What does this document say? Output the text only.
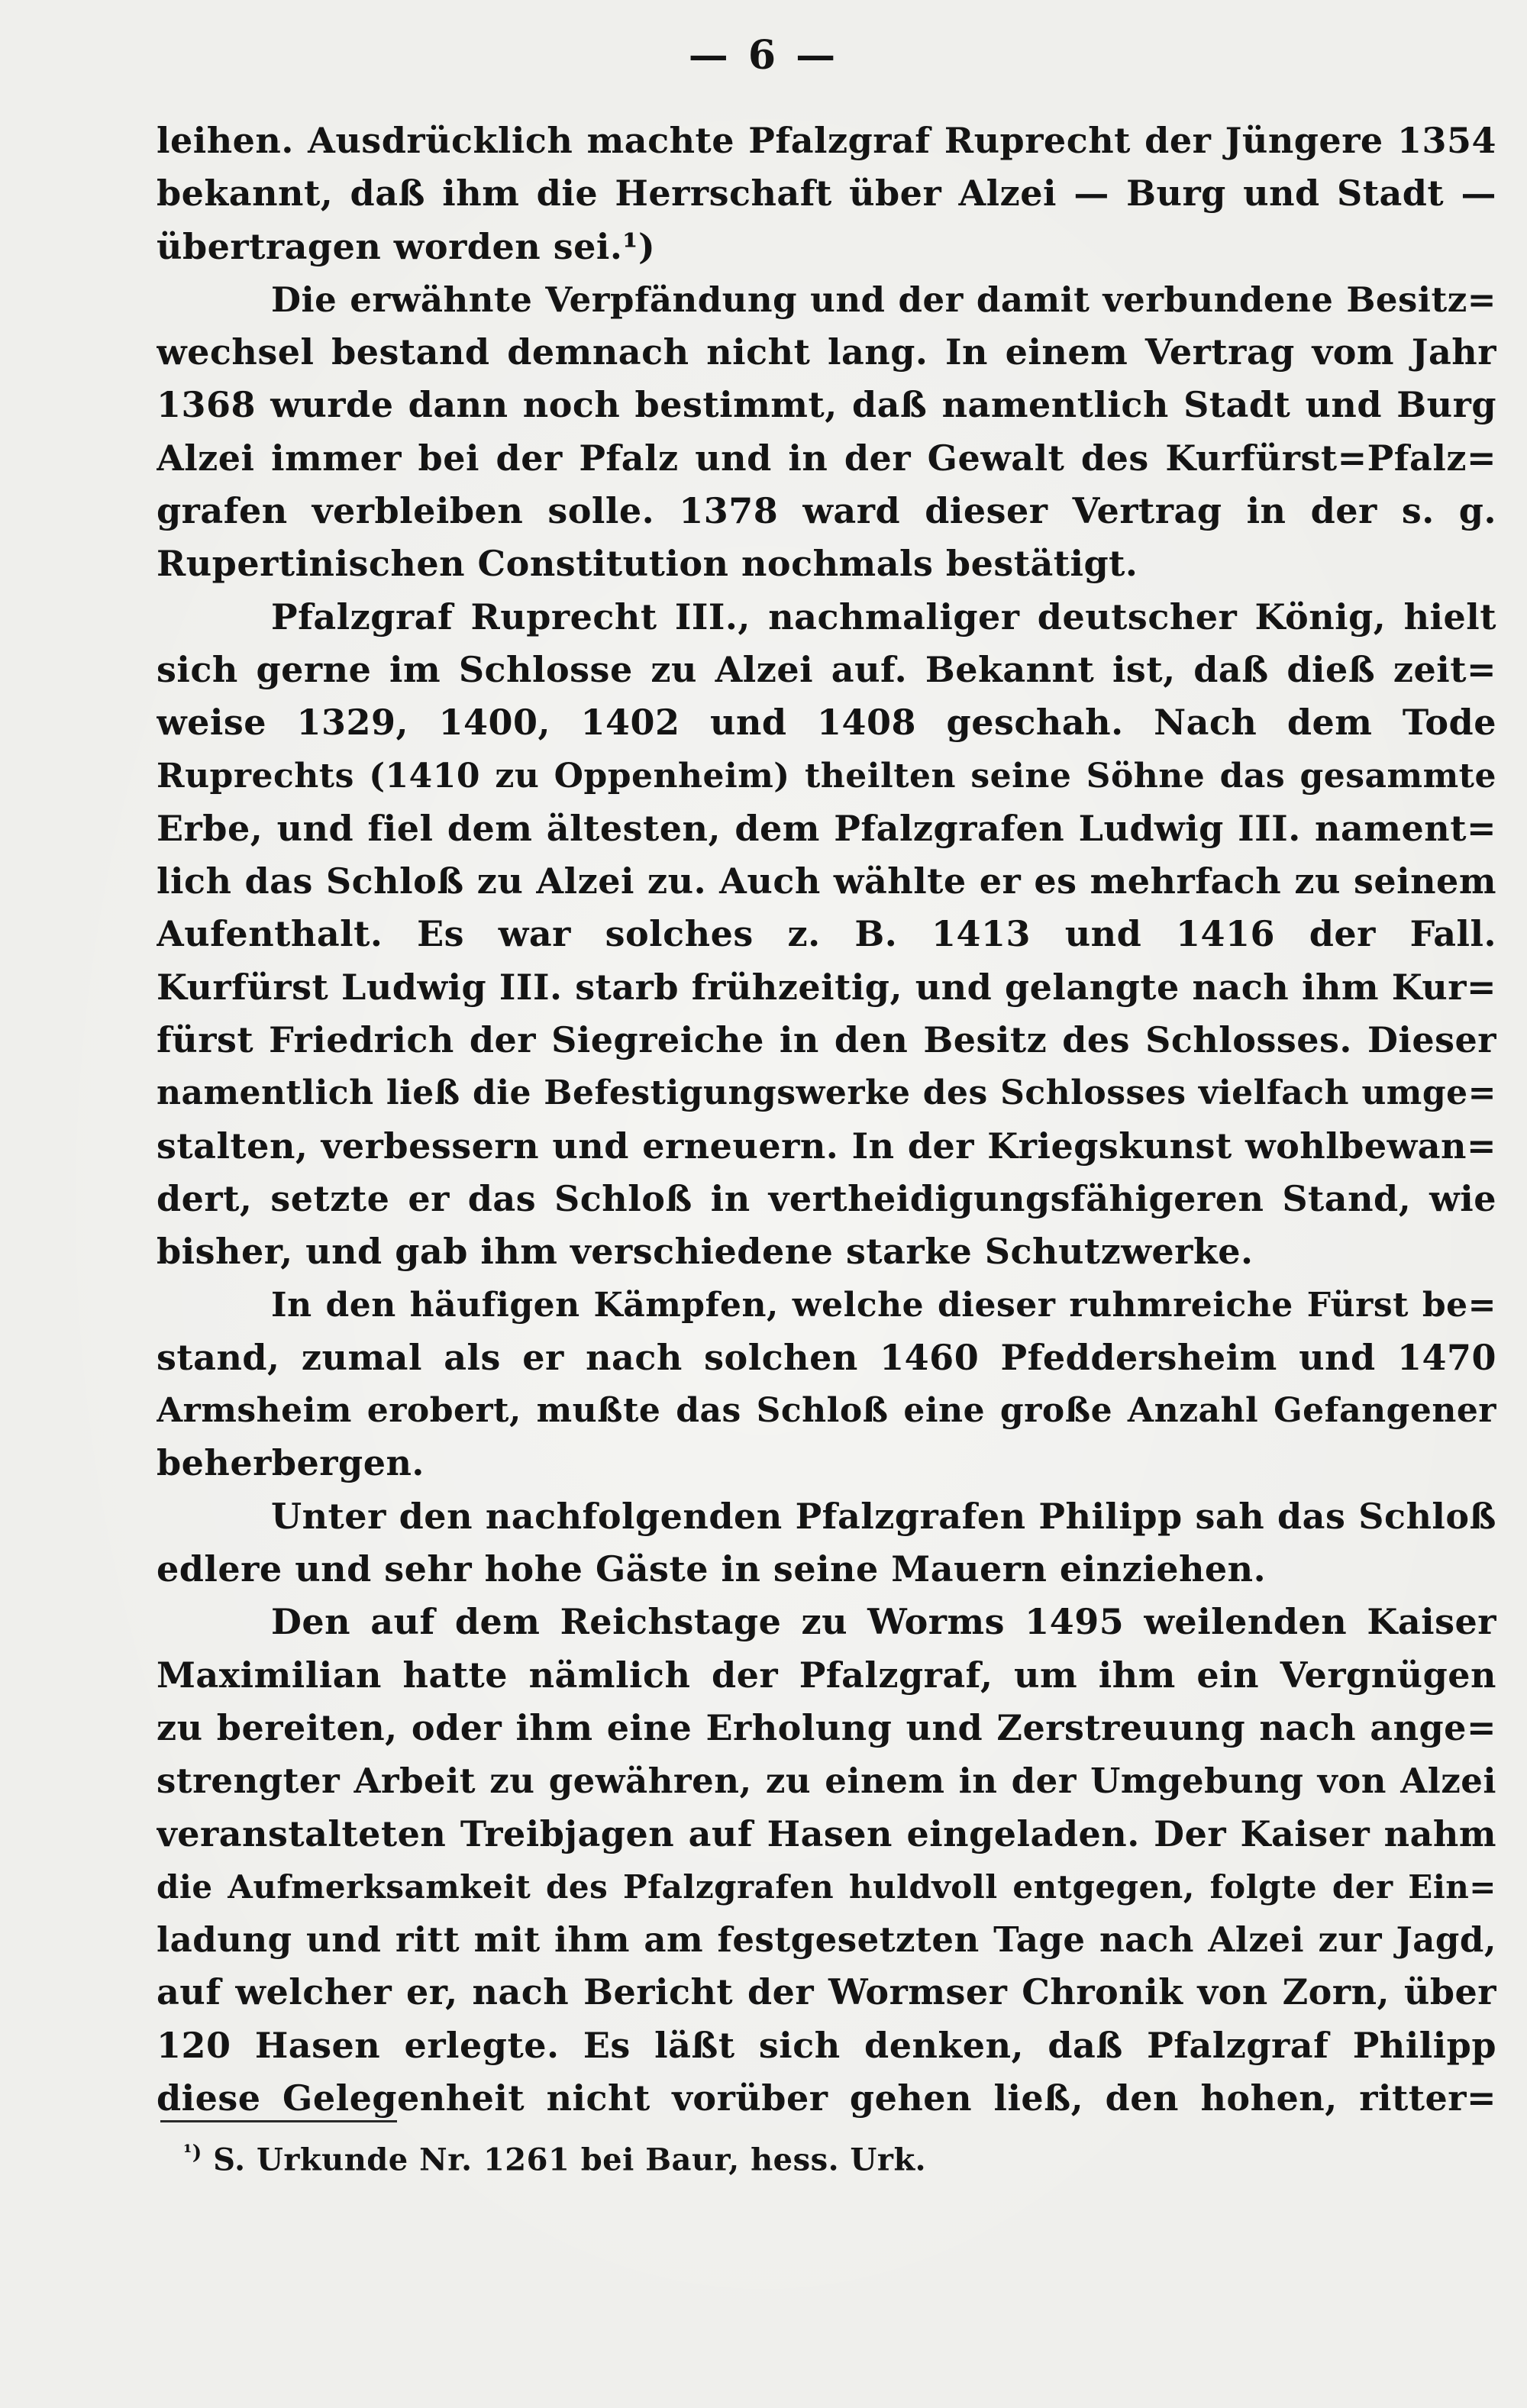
— 6 —
leihen. Ausdrücklich machte Pfalzgraf Ruprecht der Jüngere 1354
bekannt, daß ihm die Herrschaft über Alzei — Burg und Stadt —
übertragen worden sei.¹)
Die erwähnte Verpfändung und der damit verbundene Besitz=
wechsel bestand demnach nicht lang. In einem Vertrag vom Jahr
1368 wurde dann noch bestimmt, daß namentlich Stadt und Burg
Alzei immer bei der Pfalz und in der Gewalt des Kurfürst=Pfalz=
grafen verbleiben solle. 1378 ward dieser Vertrag in der s. g.
Rupertinischen Constitution nochmals bestätigt.
Pfalzgraf Ruprecht III., nachmaliger deutscher König, hielt
sich gerne im Schlosse zu Alzei auf. Bekannt ist, daß dieß zeit=
weise 1329, 1400, 1402 und 1408 geschah. Nach dem Tode
Ruprechts (1410 zu Oppenheim) theilten seine Söhne das gesammte
Erbe, und fiel dem ältesten, dem Pfalzgrafen Ludwig III. nament=
lich das Schloß zu Alzei zu. Auch wählte er es mehrfach zu seinem
Aufenthalt. Es war solches z. B. 1413 und 1416 der Fall.
Kurfürst Ludwig III. starb frühzeitig, und gelangte nach ihm Kur=
fürst Friedrich der Siegreiche in den Besitz des Schlosses. Dieser
namentlich ließ die Befestigungswerke des Schlosses vielfach umge=
stalten, verbessern und erneuern. In der Kriegskunst wohlbewan=
dert, setzte er das Schloß in vertheidigungsfähigeren Stand, wie
bisher, und gab ihm verschiedene starke Schutzwerke.
In den häufigen Kämpfen, welche dieser ruhmreiche Fürst be=
stand, zumal als er nach solchen 1460 Pfeddersheim und 1470
Armsheim erobert, mußte das Schloß eine große Anzahl Gefangener
beherbergen.
Unter den nachfolgenden Pfalzgrafen Philipp sah das Schloß
edlere und sehr hohe Gäste in seine Mauern einziehen.
Den auf dem Reichstage zu Worms 1495 weilenden Kaiser
Maximilian hatte nämlich der Pfalzgraf, um ihm ein Vergnügen
zu bereiten, oder ihm eine Erholung und Zerstreuung nach ange=
strengter Arbeit zu gewähren, zu einem in der Umgebung von Alzei
veranstalteten Treibjagen auf Hasen eingeladen. Der Kaiser nahm
die Aufmerksamkeit des Pfalzgrafen huldvoll entgegen, folgte der Ein=
ladung und ritt mit ihm am festgesetzten Tage nach Alzei zur Jagd,
auf welcher er, nach Bericht der Wormser Chronik von Zorn, über
120 Hasen erlegte. Es läßt sich denken, daß Pfalzgraf Philipp
diese Gelegenheit nicht vorüber gehen ließ, den hohen, ritter=
$^{^1)}$ S. Urkunde Nr. 1261 bei Baur, hess. Urk.
